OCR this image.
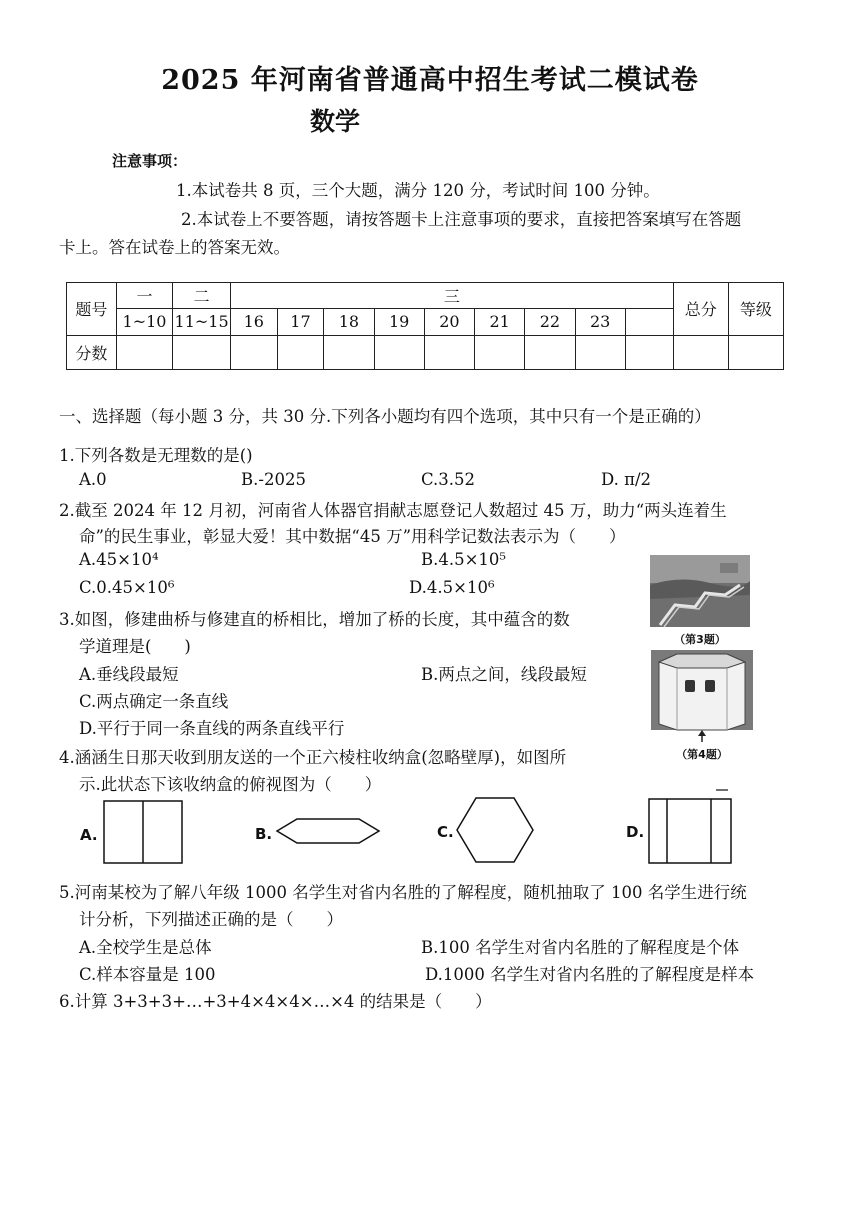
2025 年河南省普通高中招生考试二模试卷
数学
注意事项：
1.本试卷共 8 页，三个大题，满分 120 分，考试时间 100 分钟。
2.本试卷上不要答题，请按答题卡上注意事项的要求，直接把答案填写在答题
卡上。答在试卷上的答案无效。
题号	一	二	三									总分	等级
	1~10	11~15	16	17	18	19	20	21	22	23			
分数													
一、选择题（每小题 3 分，共 30 分.下列各小题均有四个选项，其中只有一个是正确的）
1.下列各数是无理数的是()
A.0	B.-2025	C.3.52	D. π/2
2.截至 2024 年 12 月初，河南省人体器官捐献志愿登记人数超过 45 万，助力“两头连着生
命”的民生事业，彰显大爱！其中数据“45 万”用科学记数法表示为（　　）
A.45×10⁴	B.4.5×10⁵
C.0.45×10⁶	D.4.5×10⁶
3.如图，修建曲桥与修建直的桥相比，增加了桥的长度，其中蕴含的数
学道理是(　　)
A.垂线段最短	B.两点之间，线段最短
C.两点确定一条直线
D.平行于同一条直线的两条直线平行
（第3题）
（第4题）
4.涵涵生日那天收到朋友送的一个正六棱柱收纳盒(忽略壁厚)，如图所
示.此状态下该收纳盒的俯视图为（　　）
A.	B.	C.	D.
5.河南某校为了解八年级 1000 名学生对省内名胜的了解程度，随机抽取了 100 名学生进行统
计分析，下列描述正确的是（　　）
A.全校学生是总体	B.100 名学生对省内名胜的了解程度是个体
C.样本容量是 100	D.1000 名学生对省内名胜的了解程度是样本
6.计算 3+3+3+…+3+4×4×4×…×4 的结果是（　　）
